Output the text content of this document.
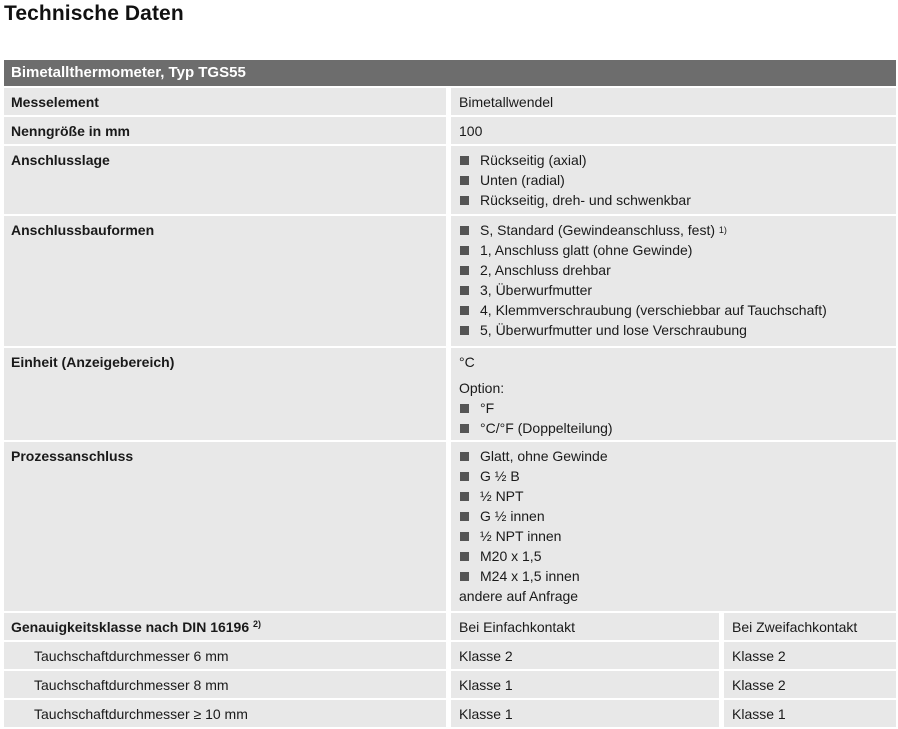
Technische Daten
Bimetallthermometer, Typ TGS55
Messelement	Bimetallwendel
Nenngröße in mm	100
Anschlusslage	Rückseitig (axial)
Unten (radial)
Rückseitig, dreh- und schwenkbar
Anschlussbauformen	S, Standard (Gewindeanschluss, fest)
1)
1, Anschluss glatt (ohne Gewinde)
2, Anschluss drehbar
3, Überwurfmutter
4, Klemmverschraubung (verschiebbar auf Tauchschaft)
5, Überwurfmutter und lose Verschraubung
Einheit (Anzeigebereich)	°C
Option:
°F
°C/°F (Doppelteilung)
Prozessanschluss	Glatt, ohne Gewinde
G ½ B
½ NPT
G ½ innen
½ NPT innen
M20 x 1,5
M24 x 1,5 innen
andere auf Anfrage
Genauigkeitsklasse nach DIN 16196 $^{2)}$	Bei Einfachkontakt	Bei Zweifachkontakt
Tauchschaftdurchmesser 6 mm	Klasse 2	Klasse 2
Tauchschaftdurchmesser 8 mm	Klasse 1	Klasse 2
Tauchschaftdurchmesser ≥ 10 mm	Klasse 1	Klasse 1
